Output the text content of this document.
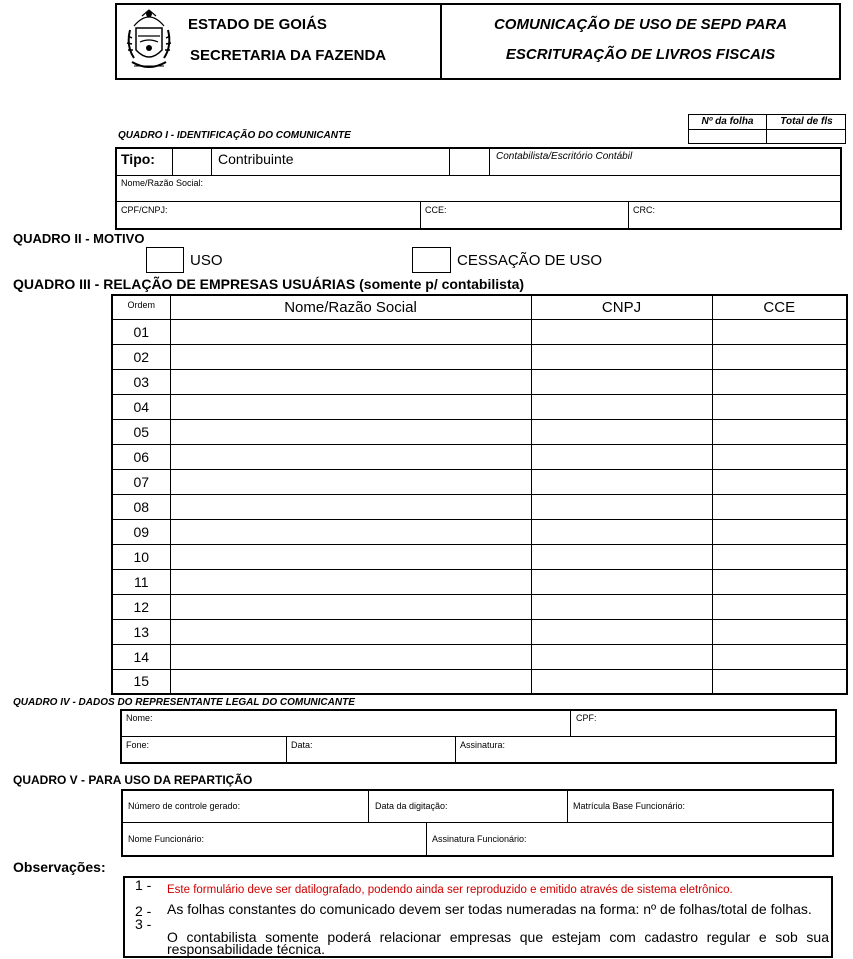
ESTADO DE GOIÁS
SECRETARIA DA FAZENDA
COMUNICAÇÃO DE USO DE SEPD PARA
ESCRITURAÇÃO DE LIVROS FISCAIS
Nº da folha	Total de fls
QUADRO I - IDENTIFICAÇÃO DO COMUNICANTE
Tipo:	Contribuinte	Contabilista/Escritório Contábil
Nome/Razão Social:
CPF/CNPJ:	CCE:	CRC:
QUADRO II - MOTIVO
USO	CESSAÇÃO DE USO
QUADRO III - RELAÇÃO DE EMPRESAS USUÁRIAS (somente p/ contabilista)
Ordem	Nome/Razão Social	CNPJ	CCE
01			
02			
03			
04			
05			
06			
07			
08			
09			
10			
11			
12			
13			
14			
15			
QUADRO IV - DADOS DO REPRESENTANTE LEGAL DO COMUNICANTE
Nome:	CPF:
Fone:	Data:	Assinatura:
QUADRO V - PARA USO DA REPARTIÇÃO
Número de controle gerado:	Data da digitação:	Matrícula Base Funcionário:
Nome Funcionário:	Assinatura Funcionário:
Observações:
1 - Este formulário deve ser datilografado, podendo ainda ser reproduzido e emitido através de sistema eletrônico.
2 - As folhas constantes do comunicado devem ser todas numeradas na forma: nº de folhas/total de folhas.
3 -
O contabilista somente poderá relacionar empresas que estejam com cadastro regular e sob sua responsabilidade técnica.
